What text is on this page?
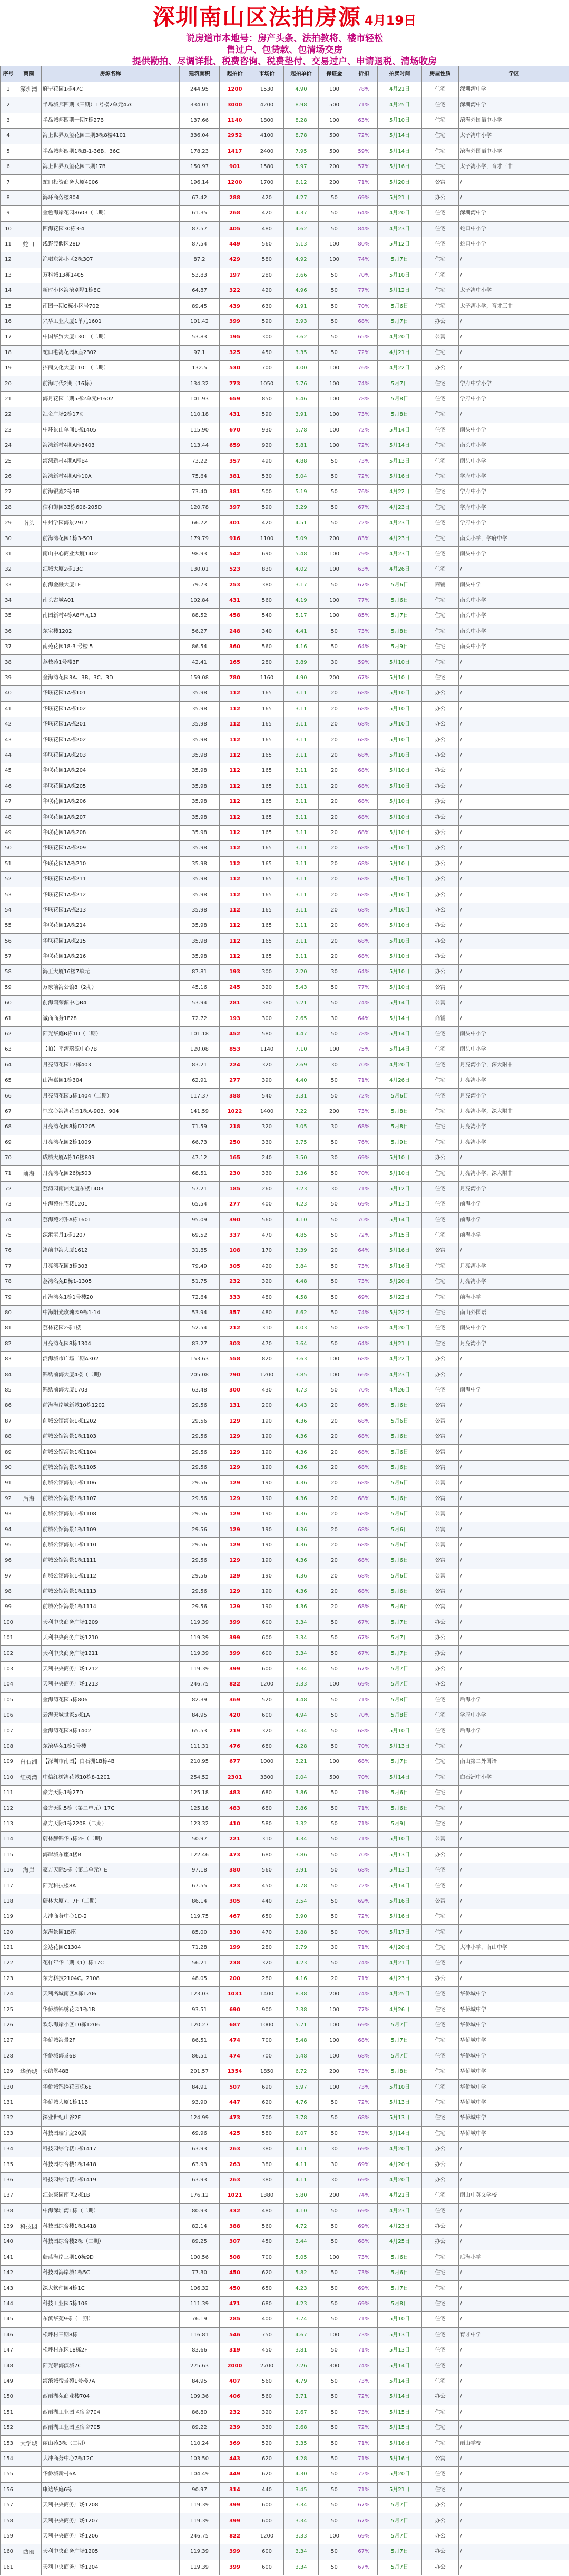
深圳南山区法拍房源 4月19日
说房道市本地号：房产头条、法拍教将、楼市轻松
售过户、包贷款、包清场交房
提供勘拍、尽调详批、税费咨询、税费垫付、交易过户、申请退税、清场收房
序号	商圈	房源名称	建筑面积	起拍价	市场价	起拍单价	保证金	折扣	拍卖时间	房屋性质	学区
1	深圳湾	府宁花园1栋47C	244.95	1200	1530	4.90	100	78%	4月21日	住宅	深圳湾中学
2		半岛城邦四期（三期）1号楼2单元47C	334.01	3000	4200	8.98	500	71%	4月25日	住宅	深圳湾中学
3		半岛城邦四期一期7栋27B	137.66	1140	1800	8.28	100	63%	5月10日	住宅	滨海外国语中小学
4		海上世界双玺花园二期3栋8楼4101	336.04	2952	4100	8.78	500	72%	5月14日	住宅	太子湾中小学
5		半岛城邦四期1栋B-1-36B、36C	178.23	1417	2400	7.95	500	59%	5月14日	住宅	滨海外国语中小学
6		海上世界双玺花园二期17B	150.97	901	1580	5.97	200	57%	5月16日	住宅	太子湾小学，育才三中
7		蛇口投资商务大厦4006	196.14	1200	1700	6.12	200	71%	5月20日	公寓	/
8		海环商务楼804	67.42	288	420	4.27	50	69%	5月21日	办公	/
9		金色海岸花园8603（二期）	61.35	268	420	4.37	50	64%	4月20日	住宅	深圳湾中学
10		四海花园30栋3-4	87.57	405	480	4.62	50	84%	4月23日	住宅	蛇口中小学
11	蛇口	浅野渡假区28D	87.54	449	560	5.13	100	80%	5月12日	住宅	蛇口中小学
12		渔唱东沁小区2栋307	87.2	429	580	4.92	100	74%	5月7日	住宅	/
13		万科城13栋1405	53.83	197	280	3.66	50	70%	5月10日	住宅	/
14		新时小区海滨别墅1栋8C	64.87	322	420	4.96	50	77%	5月12日	住宅	太子湾中小学
15		南园一期G栋小区号702	89.45	439	630	4.91	50	70%	5月6日	住宅	太子湾小学，育才三中
16		兴华工业大厦1单元1601	101.42	399	590	3.93	50	68%	5月7日	办公	/
17		中国华贸大厦1301（二期）	53.83	195	300	3.62	50	65%	4月20日	公寓	/
18		蛇口港湾花园A座2302	97.1	325	450	3.35	50	72%	4月21日	住宅	/
19		招商文化大厦1101（二期）	132.5	530	700	4.00	100	76%	4月22日	办公	/
20		前海时代2期（16栋）	134.32	773	1050	5.76	100	74%	5月7日	住宅	学府中学小学
21		海月花园二期5栋2单元F1602	101.93	659	850	6.46	100	78%	5月8日	住宅	学府中小学
22		汇金广场2栋17K	110.18	431	590	3.91	100	73%	5月8日	住宅	/
23		中环景山单间1栋1405	115.90	670	930	5.78	100	72%	5月14日	住宅	南头中小学
24		海湾新村4期A座3403	113.44	659	920	5.81	100	72%	5月14日	住宅	南头中小学
25		海湾新村4期A座B4	73.22	357	490	4.88	50	73%	5月13日	住宅	南头中小学
26		海湾新村4期A座10A	75.64	381	530	5.04	50	72%	5月16日	住宅	学府中小学
27		前海银鑫2栋3B	73.40	381	500	5.19	50	76%	4月22日	住宅	学府中小学
28		信和御园33栋606-205D	120.78	397	590	3.29	50	67%	4月23日	住宅	学府中小学
29	南头	中州学园海景2917	66.72	301	420	4.51	50	72%	4月23日	住宅	学府中小学
30		前海湾花园1栋3-501	179.79	916	1100	5.09	200	83%	4月23日	住宅	南头小学，学府中学
31		南山中心商业大厦1402	98.93	542	690	5.48	100	79%	4月23日	住宅	南头中小学
32		汇城大厦2栋13C	130.01	523	830	4.02	100	63%	4月26日	住宅	/
33		前海金融大厦1F	79.73	253	380	3.17	50	67%	5月6日	商铺	南头中学
34		南头古城A01	102.84	431	560	4.19	100	77%	5月6日	住宅	南头中小学
35		南园新村4栋A8单元13	88.52	458	540	5.17	100	85%	5月7日	住宅	南头中小学
36		东宝楼1202	56.27	248	340	4.41	50	73%	5月8日	住宅	南头中小学
37		南苑花园18-3 号楼 5	86.54	360	560	4.16	50	64%	5月9日	住宅	南头中小学
38		荔枝苑1号楼3F	42.41	165	280	3.89	30	59%	5月10日	住宅	/
39		金海湾花园3A、3B、3C、3D	159.08	780	1160	4.90	200	67%	5月10日	住宅	/
40		华联花园1A栋101	35.98	112	165	3.11	20	68%	5月10日	办公	/
41		华联花园1A栋102	35.98	112	165	3.11	20	68%	5月10日	办公	/
42		华联花园1A栋201	35.98	112	165	3.11	20	68%	5月10日	办公	/
43		华联花园1A栋202	35.98	112	165	3.11	20	68%	5月10日	办公	/
44		华联花园1A栋203	35.98	112	165	3.11	20	68%	5月10日	办公	/
45		华联花园1A栋204	35.98	112	165	3.11	20	68%	5月10日	办公	/
46		华联花园1A栋205	35.98	112	165	3.11	20	68%	5月10日	办公	/
47		华联花园1A栋206	35.98	112	165	3.11	20	68%	5月10日	办公	/
48		华联花园1A栋207	35.98	112	165	3.11	20	68%	5月10日	办公	/
49		华联花园1A栋208	35.98	112	165	3.11	20	68%	5月10日	办公	/
50		华联花园1A栋209	35.98	112	165	3.11	20	68%	5月10日	办公	/
51		华联花园1A栋210	35.98	112	165	3.11	20	68%	5月10日	办公	/
52		华联花园1A栋211	35.98	112	165	3.11	20	68%	5月10日	办公	/
53		华联花园1A栋212	35.98	112	165	3.11	20	68%	5月10日	办公	/
54		华联花园1A栋213	35.98	112	165	3.11	20	68%	5月10日	办公	/
55		华联花园1A栋214	35.98	112	165	3.11	20	68%	5月10日	办公	/
56		华联花园1A栋215	35.98	112	165	3.11	20	68%	5月10日	办公	/
57		华联花园1A栋216	35.98	112	165	3.11	20	68%	5月10日	办公	/
58		海王大厦16楼7单元	87.81	193	300	2.20	30	64%	5月10日	办公	/
59		万象前海公馆8（2期）	45.16	245	320	5.43	50	77%	5月10日	公寓	/
60		前海鸿荣源中心B4	53.94	281	380	5.21	50	74%	5月14日	公寓	/
61		诚商商务1F28	72.72	193	300	2.65	30	64%	5月14日	商铺	/
62		阳光华庭B栋1D（二期）	101.18	452	580	4.47	50	78%	5月14日	住宅	南头中小学
63		【拍】平湾瑞源中心7B	120.08	853	1140	7.10	100	75%	5月14日	住宅	南头中小学
64		月亮湾花园17栋403	83.21	224	320	2.69	30	70%	4月20日	住宅	月亮湾小学，深大附中
65		山海嘉园1栋304	62.91	277	390	4.40	50	71%	4月26日	住宅	月亮湾小学
66		月亮湾花园5栋1404（二期）	117.37	388	540	3.31	50	72%	5月6日	住宅	月亮湾小学
67		恒立心海湾花园1栋A-903、904	141.59	1022	1400	7.22	200	73%	5月8日	住宅	月亮湾小学，深大附中
68		月亮湾花园8栋D1205	71.59	218	320	3.05	30	68%	5月8日	住宅	月亮湾小学
69		月亮湾花园2栋1009	66.73	250	330	3.75	50	76%	5月9日	住宅	月亮湾小学
70		成城大厦A栋16楼809	47.12	165	240	3.50	30	69%	5月10日	办公	/
71	前海	月亮湾花园26栋503	68.51	230	330	3.36	50	70%	5月10日	住宅	月亮湾小学，深大附中
72		荔湾园南洲大厦东楼1403	57.21	185	260	3.23	30	71%	5月12日	住宅	月亮湾小学
73		中海苑住宅楼1201	65.54	277	400	4.23	50	69%	5月13日	住宅	前海小学
74		荔海苑2期-A栋1601	95.09	390	560	4.10	50	70%	5月14日	住宅	前海小学
75		深港宝月1栋1207	69.52	337	470	4.85	50	72%	5月15日	住宅	前海小学
76		湾前中海大厦1612	31.85	108	170	3.39	20	64%	5月16日	公寓	/
77		月亮湾花园3栋303	79.49	305	420	3.84	50	73%	5月16日	住宅	月亮湾小学
78		荔湾名苑D栋1-1305	51.75	232	320	4.48	50	73%	5月20日	住宅	月亮湾小学
79		南海湾苑1栋1号楼20	72.64	333	480	4.58	50	69%	5月22日	住宅	前海小学
80		中海阳光玫瑰园9栋1-14	53.94	357	480	6.62	50	74%	5月22日	住宅	南山外国语
81		荔林花园2栋1楼	52.54	212	310	4.03	50	68%	4月20日	住宅	南头中小学
82		月亮湾花园8栋1304	83.27	303	470	3.64	50	64%	4月21日	住宅	月亮湾小学
83		泛海城市广场二期A302	153.63	558	820	3.63	100	68%	4月22日	办公	/
84		锦绣前海大厦4楼（二期）	205.08	790	1200	3.85	100	66%	4月23日	办公	/
85		锦绣前海大厦1703	63.48	300	430	4.73	50	70%	4月26日	住宅	南海中学
86		前海海岸城新城10栋1202	29.56	131	200	4.43	20	66%	5月6日	公寓	/
87		前城公馆海景1栋1202	29.56	129	190	4.36	20	68%	5月6日	公寓	/
88		前城公馆海景1栋1103	29.56	129	190	4.36	20	68%	5月6日	公寓	/
89		前城公馆海景1栋1104	29.56	129	190	4.36	20	68%	5月6日	公寓	/
90		前城公馆海景1栋1105	29.56	129	190	4.36	20	68%	5月6日	公寓	/
91		前城公馆海景1栋1106	29.56	129	190	4.36	20	68%	5月6日	公寓	/
92	后海	前城公馆海景1栋1107	29.56	129	190	4.36	20	68%	5月6日	公寓	/
93		前城公馆海景1栋1108	29.56	129	190	4.36	20	68%	5月6日	公寓	/
94		前城公馆海景1栋1109	29.56	129	190	4.36	20	68%	5月6日	公寓	/
95		前城公馆海景1栋1110	29.56	129	190	4.36	20	68%	5月6日	公寓	/
96		前城公馆海景1栋1111	29.56	129	190	4.36	20	68%	5月6日	公寓	/
97		前城公馆海景1栋1112	29.56	129	190	4.36	20	68%	5月6日	公寓	/
98		前城公馆海景1栋1113	29.56	129	190	4.36	20	68%	5月6日	公寓	/
99		前城公馆海景1栋1114	29.56	129	190	4.36	20	68%	5月6日	公寓	/
100		天利中央商务广场1209	119.39	399	600	3.34	50	67%	5月7日	办公	/
101		天利中央商务广场1210	119.39	399	600	3.34	50	67%	5月7日	办公	/
102		天利中央商务广场1211	119.39	399	600	3.34	50	67%	5月7日	办公	/
103		天利中央商务广场1212	119.39	399	600	3.34	50	67%	5月7日	办公	/
104		天利中央商务广场1213	246.75	822	1200	3.33	100	69%	5月7日	办公	/
105		金海湾花园5栋806	82.39	369	520	4.48	50	71%	5月8日	住宅	后海小学
106		云海天城世家5栋1A	84.95	420	600	4.94	50	70%	5月8日	住宅	学府中小学
107		金海湾花园8栋1402	65.53	219	320	3.34	50	68%	5月10日	住宅	后海小学
108		东滨华苑1栋1号楼	111.31	476	680	4.28	50	70%	5月13日	住宅	/
109	白石洲	【深圳市南园】白石洲1B栋4B	210.95	677	1000	3.21	100	68%	5月7日	住宅	南山第二外国语
110	红树湾	中信红树湾花城10栋8-1201	254.52	2301	3300	9.04	500	70%	5月14日	住宅	白石洲中小学
111		豪方天际1栋27D	125.18	483	680	3.86	50	71%	5月6日	住宅	/
112		豪方天际5栋（第二单元）17C	125.18	483	680	3.86	50	71%	5月6日	住宅	/
113		豪方天际1栋2208（二期）	123.32	410	580	3.32	50	71%	5月9日	住宅	/
114		蔚林赫锦华5栋2F（二期）	50.97	221	310	4.34	50	71%	5月10日	公寓	/
115		海岸城东座4楼B	122.46	473	680	3.86	50	70%	5月13日	办公	/
116	海岸	豪方天际5栋（第二单元）E	97.18	380	560	3.91	50	68%	5月13日	住宅	/
117		阳光科技楼8A	67.55	323	450	4.78	50	72%	5月14日	住宅	/
118		蔚林大厦7、7F（二期）	86.14	305	440	3.54	50	69%	5月16日	公寓	/
119		大冲商务中心1D-2	119.75	467	650	3.90	50	72%	5月16日	住宅	/
120		东海景园1B座	85.00	330	470	3.88	50	70%	5月17日	住宅	/
121		金达花园C1304	71.28	199	280	2.79	30	71%	4月20日	住宅	大冲小学，南山中学
122		花样年华二期（1）栋17C	56.21	238	320	4.23	50	74%	4月21日	住宅	/
123		东方科技2104C。2108	48.05	200	280	4.16	20	71%	4月23日	办公	/
124		天利名城南区A栋1206	123.03	1031	1400	8.38	200	74%	4月25日	住宅	华侨城中学
125		华侨城锦绣花园1栋1B	93.51	690	900	7.38	100	77%	4月26日	住宅	华侨城中学
126		欢乐海岸小区10栋1206	120.27	687	1000	5.71	100	69%	5月7日	住宅	华侨城中学
127		华侨城海景2F	86.51	474	700	5.48	100	68%	5月7日	住宅	华侨城中学
128		华侨城海景6B	86.51	474	700	5.48	100	68%	5月7日	住宅	华侨城中学
129	华侨城	天鹅堡48B	201.57	1354	1850	6.72	200	73%	5月8日	住宅	华侨城中学
130		华侨城锦绣花园栋6E	84.91	507	690	5.97	100	73%	5月10日	住宅	华侨城中学
131		华侨城大厦1栋11B	93.90	447	620	4.76	50	72%	5月13日	住宅	华侨城中学
132		深业世纪山谷2F	124.99	473	700	3.78	50	68%	5月13日	住宅	华侨城中学
133		科技园瑞宇庭20层	69.96	425	580	6.07	50	73%	5月14日	住宅	华侨城中学
134		科技园综合楼1栋1417	63.93	263	380	4.11	30	69%	4月20日	办公	/
135		科技园综合楼1栋1418	63.93	263	380	4.11	30	69%	4月20日	办公	/
136		科技园综合楼1栋1419	63.93	263	380	4.11	30	69%	4月20日	办公	/
137		汇景豪园南区2栋1B	176.12	1021	1380	5.80	200	74%	4月21日	住宅	南山中英文学校
138		中海深圳湾1栋（二期）	80.93	332	480	4.10	50	69%	4月23日	住宅	/
139	科技园	科技园综合楼1栋1418	82.14	388	560	4.72	50	69%	4月23日	办公	/
140		科技园综合楼2栋（二期）	89.25	307	450	3.44	50	68%	4月25日	办公	/
141		蔚蓝海岸三期10栋9D	100.56	508	700	5.05	100	73%	5月6日	住宅	后海小学
142		科技园海岸城1栋5C	77.30	450	620	5.82	50	73%	5月6日	住宅	/
143		深大软件园4栋1C	106.32	450	650	4.23	50	69%	5月7日	住宅	/
144		科技工业园5栋106	111.39	471	680	4.23	50	69%	5月8日	住宅	/
145		东滨华苑9栋（一期）	76.19	285	400	3.74	50	71%	5月10日	住宅	/
146		松坪村三期8栋	116.81	546	750	4.67	100	73%	5月13日	住宅	育才中学
147		松坪村东区18栋2F	83.66	319	450	3.81	50	71%	5月13日	住宅	/
148		阳光带海滨城7C	275.63	2000	2700	7.26	300	74%	5月14日	住宅	/
149		海滨城帝景苑1号楼7A	84.95	407	560	4.79	50	73%	5月14日	住宅	/
150		西丽湖苑商业楼704	109.36	406	560	3.71	50	72%	5月14日	办公	/
151		西丽湖工业园区宿舍704	86.80	232	320	2.67	50	73%	5月15日	住宅	/
152		西丽湖工业园区宿舍705	89.22	239	330	2.68	50	72%	5月15日	住宅	/
153	大学城	丽山苑3栋（二期）	110.24	369	520	3.35	50	71%	5月16日	住宅	丽山学校
154		大冲商务中心7栋12C	103.50	443	620	4.28	50	71%	5月16日	公寓	/
155		华侨城新村6A	104.49	449	620	4.30	50	72%	5月20日	住宅	/
156		康达华庭6栋	90.97	314	440	3.45	50	71%	5月21日	住宅	/
157		天利中央商务广场1208	119.39	399	600	3.34	50	67%	5月7日	办公	/
158		天利中央商务广场1207	119.39	399	600	3.34	50	67%	5月7日	办公	/
159		天利中央商务广场1206	246.75	822	1200	3.33	100	69%	5月7日	办公	/
160	西丽	天利中央商务广场1205	119.39	399	600	3.34	50	67%	5月7日	办公	/
161		天利中央商务广场1204	119.39	399	600	3.34	50	67%	5月7日	办公	/
